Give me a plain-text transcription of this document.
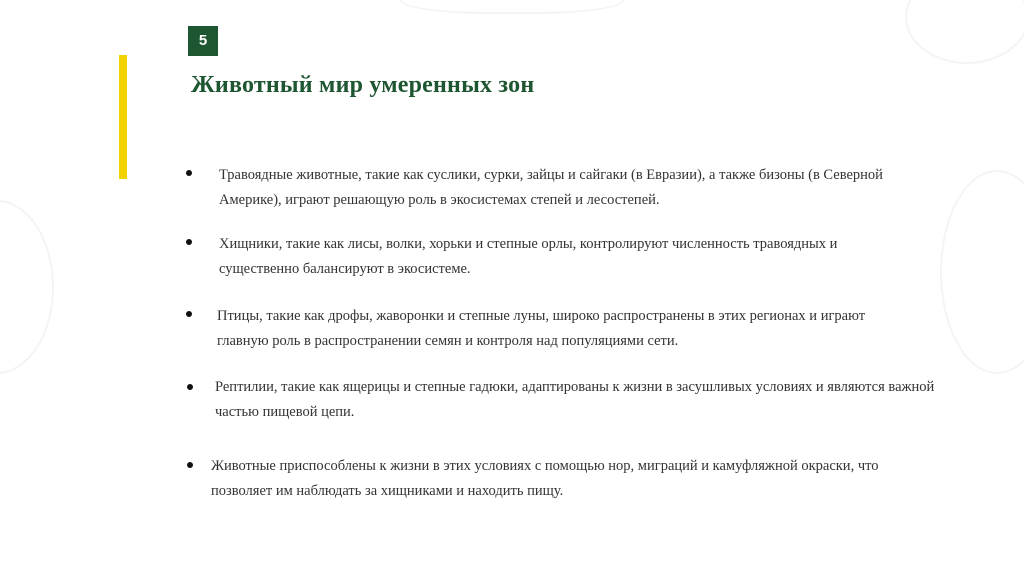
5
Животный мир умеренных зон
Травоядные животные, такие как суслики, сурки, зайцы и сайгаки (в Евразии), а также бизоны (в Северной Америке), играют решающую роль в экосистемах степей и лесостепей.
Хищники, такие как лисы, волки, хорьки и степные орлы, контролируют численность травоядных и существенно балансируют в экосистеме.
Птицы, такие как дрофы, жаворонки и степные луны, широко распространены в этих регионах и играют главную роль в распространении семян и контроля над популяциями сети.
Рептилии, такие как ящерицы и степные гадюки, адаптированы к жизни в засушливых условиях и являются важной частью пищевой цепи.
Животные приспособлены к жизни в этих условиях с помощью нор, миграций и камуфляжной окраски, что позволяет им наблюдать за хищниками и находить пищу.
